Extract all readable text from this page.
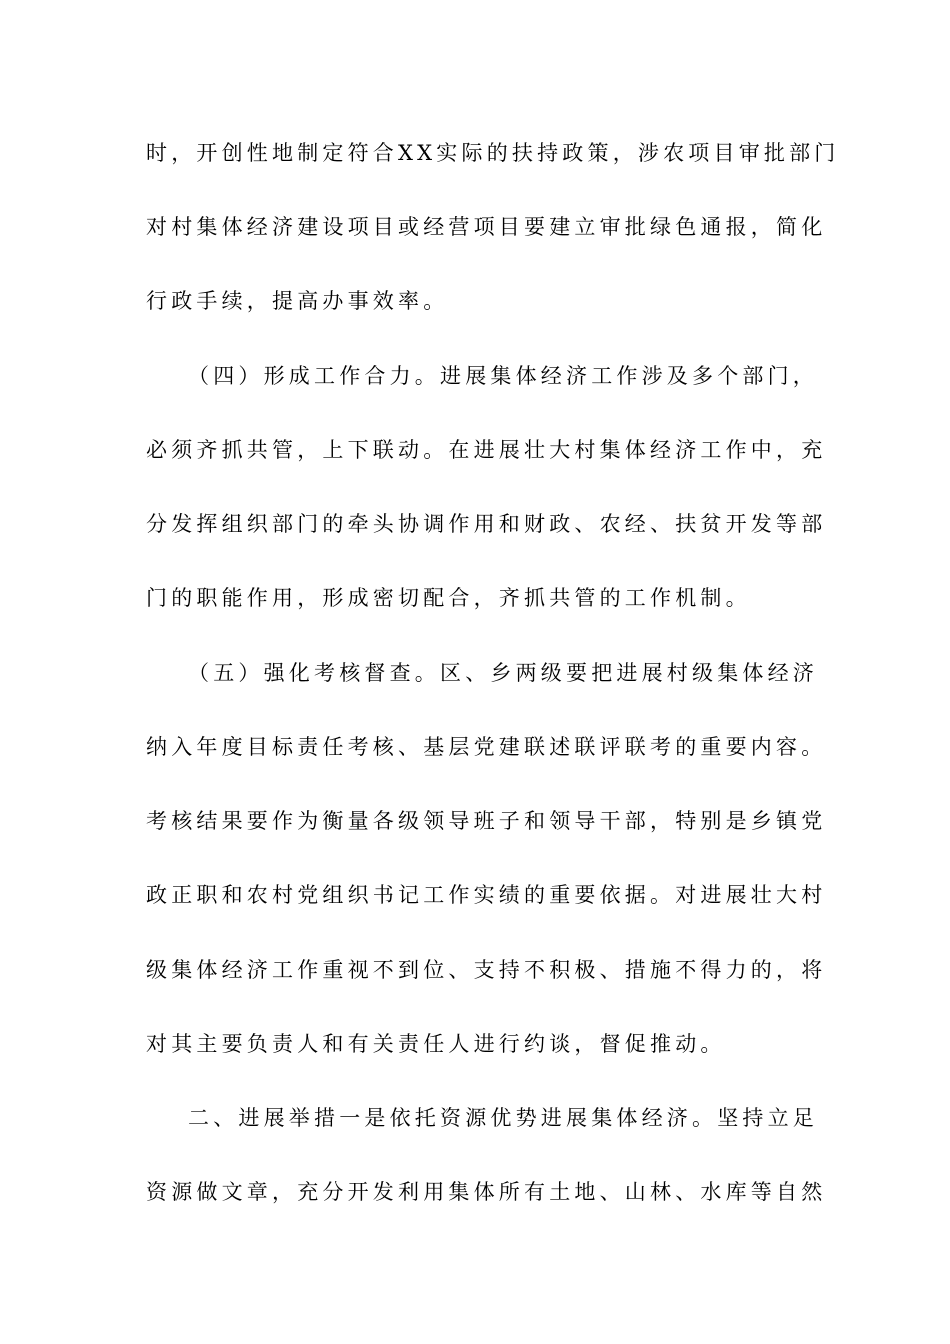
时，开创性地制定符合XX实际的扶持政策，涉农项目审批部门
对村集体经济建设项目或经营项目要建立审批绿色通报，简化
行政手续，提高办事效率。
（四）形成工作合力。进展集体经济工作涉及多个部门，
必须齐抓共管，上下联动。在进展壮大村集体经济工作中，充
分发挥组织部门的牵头协调作用和财政、农经、扶贫开发等部
门的职能作用，形成密切配合，齐抓共管的工作机制。
（五）强化考核督查。区、乡两级要把进展村级集体经济
纳入年度目标责任考核、基层党建联述联评联考的重要内容。
考核结果要作为衡量各级领导班子和领导干部，特别是乡镇党
政正职和农村党组织书记工作实绩的重要依据。对进展壮大村
级集体经济工作重视不到位、支持不积极、措施不得力的，将
对其主要负责人和有关责任人进行约谈，督促推动。
二、进展举措一是依托资源优势进展集体经济。坚持立足
资源做文章，充分开发利用集体所有土地、山林、水库等自然
